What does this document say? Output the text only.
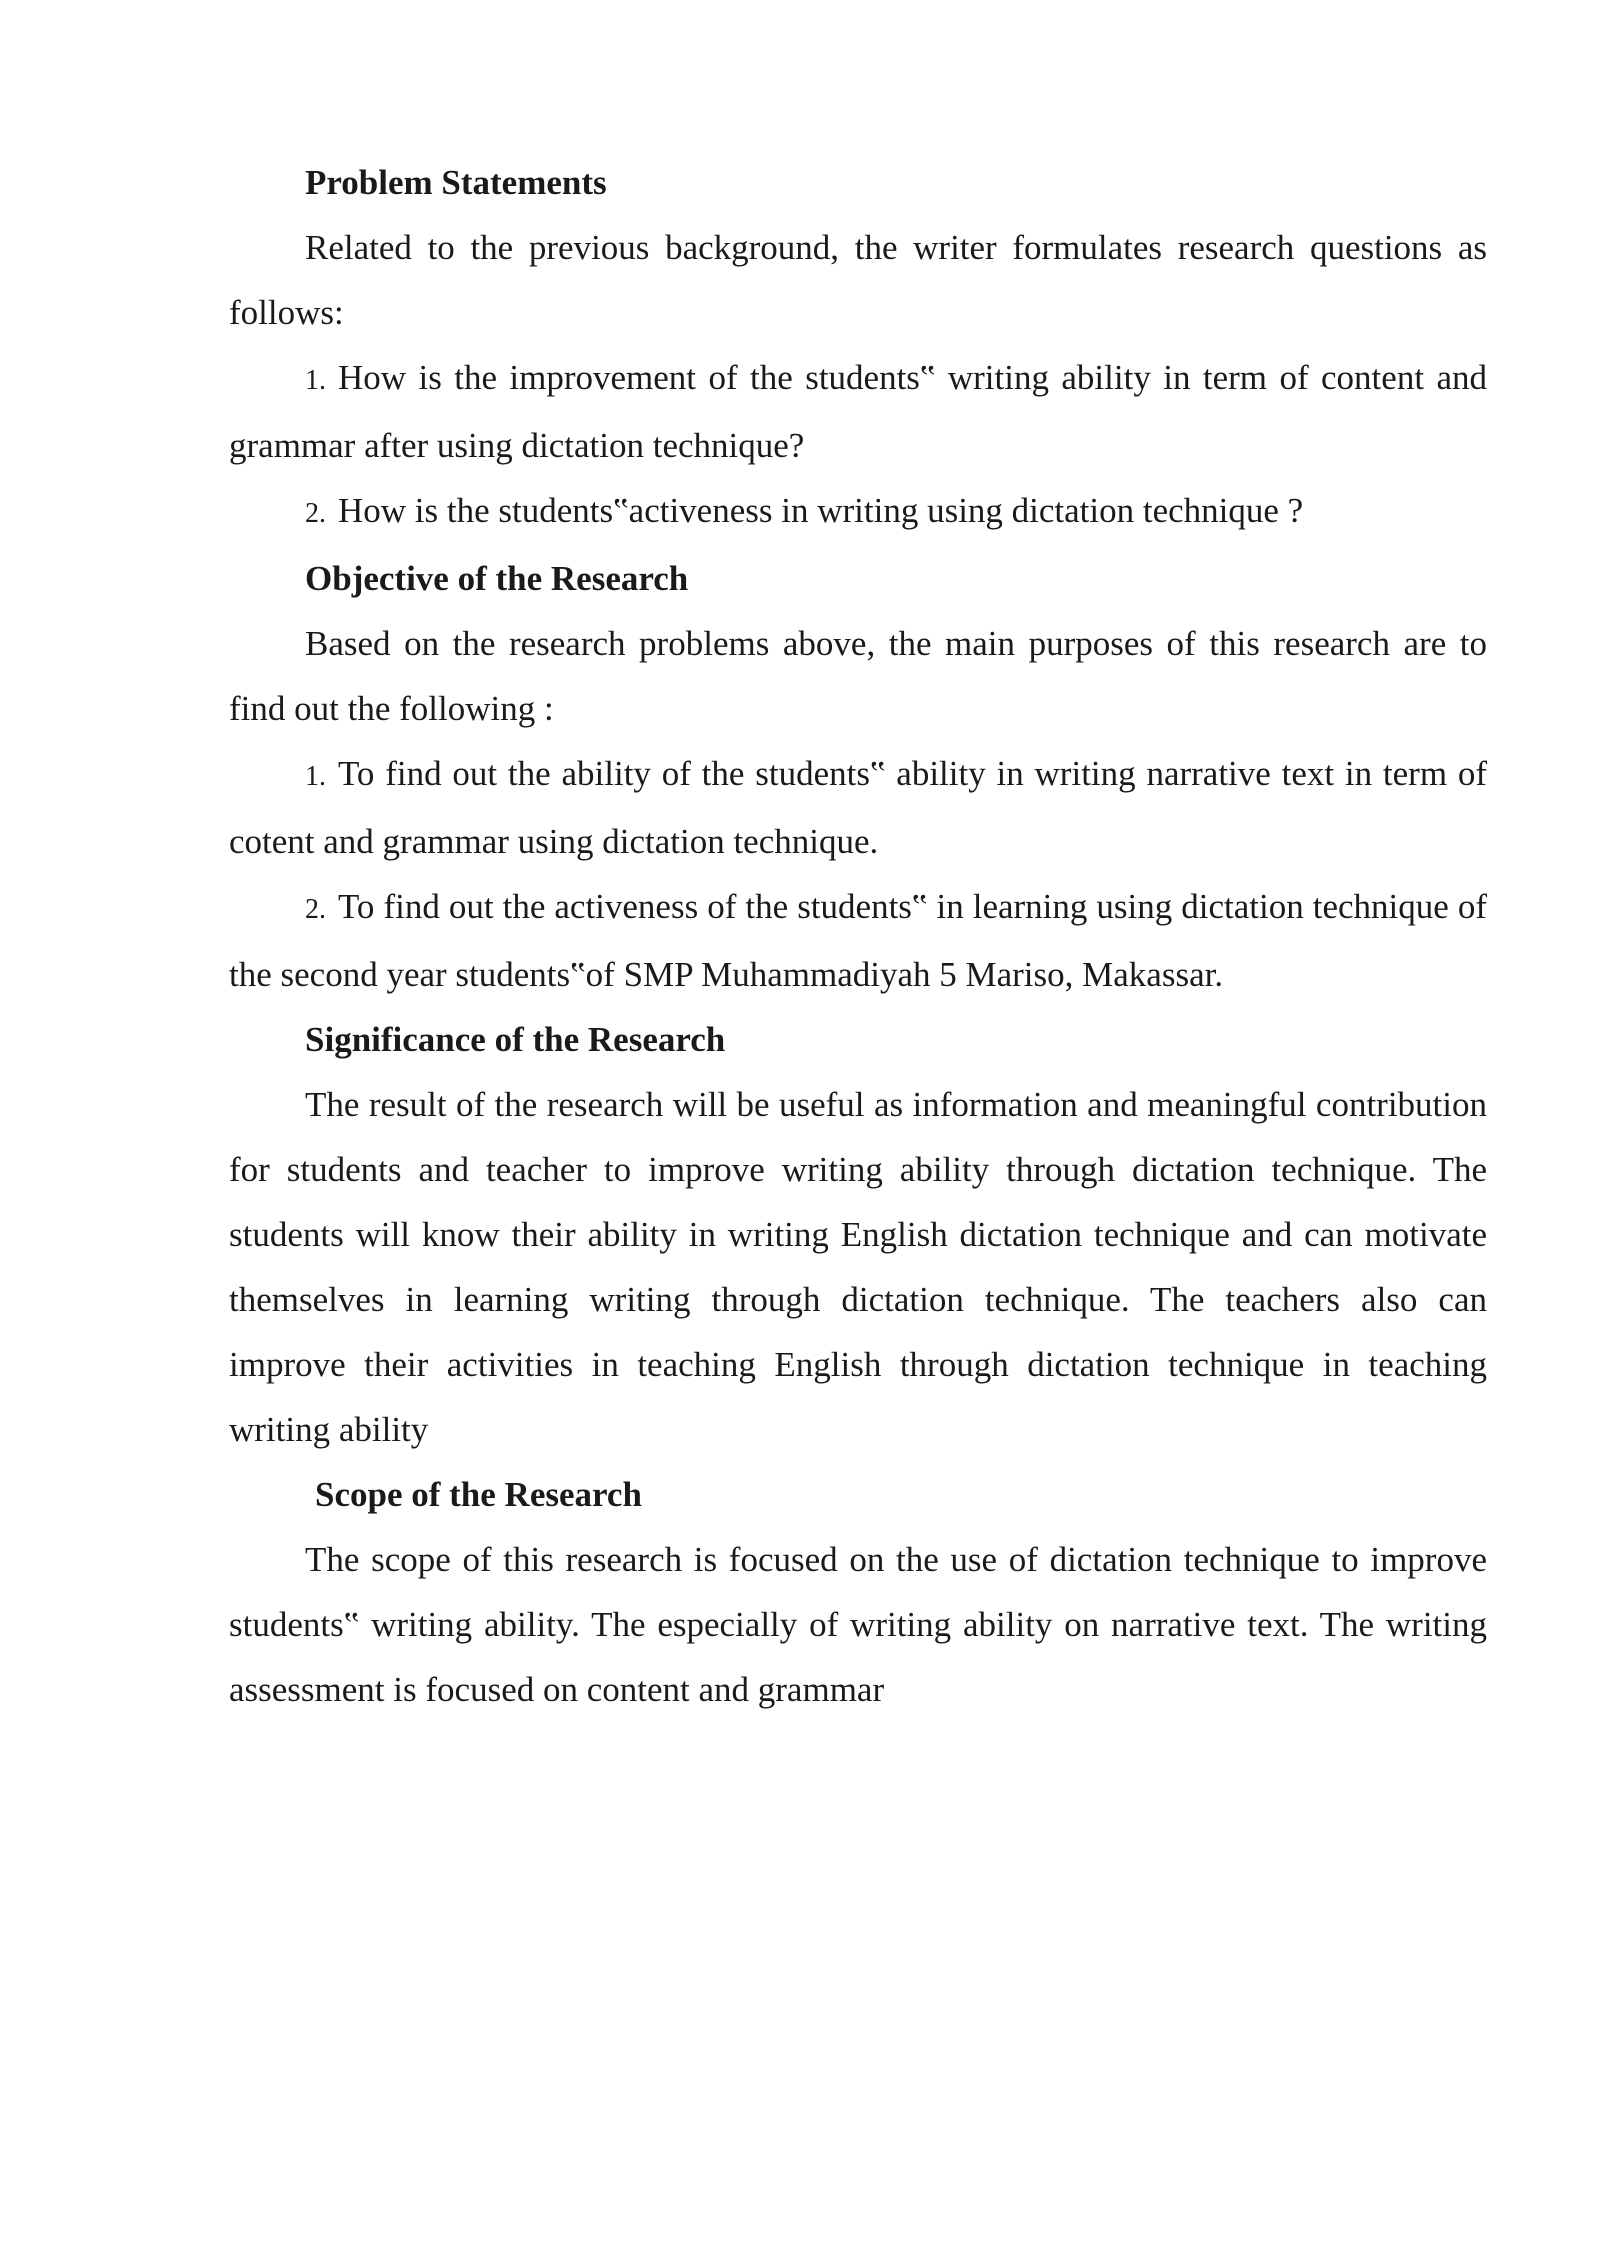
Problem Statements

Related to the previous background, the writer formulates research questions as follows:

1. How is the improvement of the students‟ writing ability in term of content and grammar after using dictation technique?

2. How is the students‟activeness in writing using dictation technique ?

Objective of the Research

Based on the research problems above, the main purposes of this research are to find out the following :

1. To find out the ability of the students‟ ability in writing narrative text in term of cotent and grammar using dictation technique.

2. To find out the activeness of the students‟ in learning using dictation technique of the second year students‟of SMP Muhammadiyah 5 Mariso, Makassar.

Significance of the Research

The result of the research will be useful as information and meaningful contribution for students and teacher to improve writing ability through dictation technique. The students will know their ability in writing English dictation technique and can motivate themselves in learning writing through dictation technique. The teachers also can improve their activities in teaching English through dictation technique in teaching writing ability

Scope of the Research

The scope of this research is focused on the use of dictation technique to improve students‟ writing ability. The especially of writing ability on narrative text. The writing assessment is focused on content and grammar
